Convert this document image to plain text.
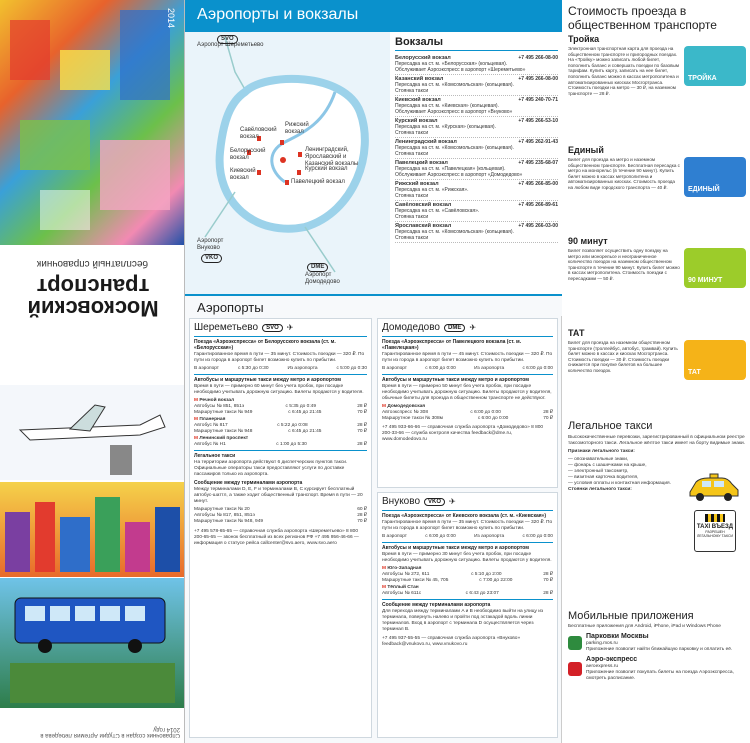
2014
бесплатный справочник
Московский транспорт
Справочник создан в Студии Артемия Лебедева в 2014 году
Аэропорты и вокзалы
Аэропорт Шереметьево
Савёловский вокзал
Рижский вокзал
Белорусский вокзал
Ленинградский, Ярославский и Казанский вокзалы
Курский вокзал
Киевский вокзал
Павелецкий вокзал
Аэропорт Внуково
Аэропорт Домодедово
SVO
VKO
DME
Вокзалы
+7 495 266-08-00
Белорусский вокзал
Пересадка на ст. м. «Белорусская» (кольцевая).
Обслуживает Аэроэкспресс в аэропорт «Шереметьево»
+7 495 266-08-00
Казанский вокзал
Пересадка на ст. м. «Комсомольская» (кольцевая).
Стоянка такси
+7 495 240-70-71
Киевский вокзал
Пересадка на ст. м. «Киевская» (кольцевая).
Обслуживает Аэроэкспресс в аэропорт «Внуково»
+7 495 266-53-10
Курский вокзал
Пересадка на ст. м. «Курская» (кольцевая).
Стоянка такси
+7 495 262-91-43
Ленинградский вокзал
Пересадка на ст. м. «Комсомольская» (кольцевая).
Стоянка такси
+7 495 235-68-07
Павелецкий вокзал
Пересадка на ст. м. «Павелецкая» (кольцевая).
Обслуживает Аэроэкспресс в аэропорт «Домодедово»
+7 495 266-85-00
Рижский вокзал
Пересадка на ст. м. «Рижская».
Стоянка такси
+7 495 266-89-61
Савёловский вокзал
Пересадка на ст. м. «Савёловская».
Стоянка такси
+7 495 266-03-00
Ярославский вокзал
Пересадка на ст. м. «Комсомольская» (кольцевая).
Стоянка такси
Аэропорты
Шереметьево	SVO	✈
Поезда «Аэроэкспресса» от Белорусского вокзала (ст. м. «Белорусская»)
Гарантированное время в пути — 35 минут. Стоимость поездки — 320 ₽. По пути из города в аэропорт билет возможно купить по прибытии.
В аэропорт	с 5:30 до 0:30	Из аэропорта	с 5:00 до 0:30
Автобусы и маршрутные такси между метро и аэропортом
Время в пути — примерно 60 минут без учета пробок, при посадке необходимо учитывать дорожную ситуацию. Билеты продаются у водителя.
М Речной вокзал
Автобусы № 851, 851э	с 5:35 до 0:49	28 ₽
Маршрутные такси № 949	с 6:45 до 21:45	70 ₽
М Планерная
Автобус № 817	с 5:22 до 0:08	28 ₽
Маршрутные такси № 948	с 6:45 до 21:45	70 ₽
М Ленинский проспект
Автобус № Н1	с 1:00 до 5:30	28 ₽
Легальное такси
На территории аэропорта действуют 6 диспетчерских пунктов такси. Официальные операторы такси предоставляют услуги по доставке пассажиров только из аэропорта.
Сообщение между терминалами аэропорта
Между терминалами D, E, F и терминалами B, C курсирует бесплатный автобус-шаттл, а также ходит общественный транспорт. Время в пути — 20 минут.
Маршрутные такси № 20	60 ₽
Автобусы № 817, 851, 851э	28 ₽
Маршрутные такси № 948, 949	70 ₽
+7 495 578-65-65 — справочная служба аэропорта «Шереметьево» 8 800 200-65-65 — звонок бесплатный из всех регионов РФ +7 495 956-46-66 — информация о статусе рейса callcenter@svo.aero, www.svo.aero
Домодедово	DME	✈
Поезда «Аэроэкспресса» от Павелецкого вокзала (ст. м. «Павелецкая»)
Гарантированное время в пути — 45 минут. Стоимость поездки — 320 ₽. По пути из города в аэропорт билет возможно купить по прибытии.
В аэропорт	с 6:00 до 0:00	Из аэропорта	с 6:00 до 0:00
Автобусы и маршрутные такси между метро и аэропортом
Время в пути — примерно 50 минут без учета пробок, при посадке необходимо учитывать дорожную ситуацию. Билеты продаются у водителя, обычные билеты для проезда в общественном транспорте не действуют.
М Домодедовская
Автоэкспресс № 308	с 6:00 до 0:00	28 ₽
Маршрутное такси № 308м	с 6:00 до 0:00	70 ₽
+7 495 933-66-66 — справочная служба аэропорта «Домодедово» 8 800 200-33-66 — служба контроля качества feedback@dme.ru, www.domodedovo.ru
Внуково	VKO	✈
Поезда «Аэроэкспресса» от Киевского вокзала (ст. м. «Киевская»)
Гарантированное время в пути — 35 минут. Стоимость поездки — 320 ₽. По пути из города в аэропорт билет возможно купить по прибытии.
В аэропорт	с 6:00 до 0:00	Из аэропорта	с 6:00 до 0:00
Автобусы и маршрутные такси между метро и аэропортом
Время в пути — примерно 30 минут без учета пробок, при посадке необходимо учитывать дорожную ситуацию. Билеты продаются у водителя.
М Юго-Западная
Автобусы № 272, 611	с 5:10 до 2:00	28 ₽
Маршрутные такси № 45, 705	с 7:00 до 22:00	70 ₽
М Тёплый Стан
Автобусы № 611с	с 6:43 до 23:07	28 ₽
Сообщение между терминалами аэропорта
Для перехода между терминалами A и B необходимо выйти на улицу из терминала, повернуть налево и пройти под эстакадой вдоль линии терминалов. Вход в аэропорт с терминала D осуществляется через терминал B.
+7 495 937-55-55 — справочная служба аэропорта «Внуково» feedback@vnukovo.ru, www.vnukovo.ru
Стоимость проезда в общественном транспорте
Тройка
Электронная транспортная карта для проезда на общественном транспорте и пригородных поездах. На «Тройку» можно записать любой билет, пополнить баланс и совершать поездки по базовым тарифам. Купить карту, записать на нее билет, пополнить баланс можно в кассах метрополитена и автоматизированных киосках Мосгортранса. Стоимость поездки на метро — 30 ₽, на наземном транспорте — 28 ₽.
ТРОЙКА
Единый
Билет для проезда на метро и наземном общественном транспорте. Бесплатная пересадка с метро на монорельс (в течение 90 минут). Купить билет можно в кассах метрополитена и автоматизированных киосках. Стоимость проезда на любом виде городского транспорта — 40 ₽.	ЕДИНЫЙ
90 минут
Билет позволяет осуществить одну поездку на метро или монорельсе и неограниченное количество поездок на наземном общественном транспорте в течение 90 минут. Купить билет можно в кассах метрополитена. Стоимость поездки с пересадками — 50 ₽.	90 МИНУТ
ТАТ
Билет для проезда на наземном общественном транспорте (троллейбус, автобус, трамвай). Купить билет можно в кассах и киосках Мосгортранса. Стоимость поездки — 30 ₽. Стоимость поездки снижается при покупке билетов на большее количество поездок.	ТАТ
Легальное такси
Высококачественные перевозки, зарегистрированный в официальном реестре таксомоторного такси. Легальное жёлтое такси имеет на борту видимые знаки.
Признаки легального такси:
— опознавательные знаки,
— фонарь с шашечками на крыше,
— электронный таксометр,
— визитная карточка водителя,
— условия оплаты и контактная информация.
Стоянки легального такси:
TAXI ВЪЕЗД
РАЗРЕШЕН ЛЕГАЛЬНОМУ ТАКСИ
Мобильные приложения
Бесплатные приложения для Android, iPhone, iPad и Windows Phone
Парковки Москвы
parking.mos.ru
Приложение позволит найти ближайшую парковку и оплатить её.
Аэро-экспресс
aeroexpress.ru
Приложение позволит покупать билеты на поезда Аэроэкспресса, смотреть расписание.
